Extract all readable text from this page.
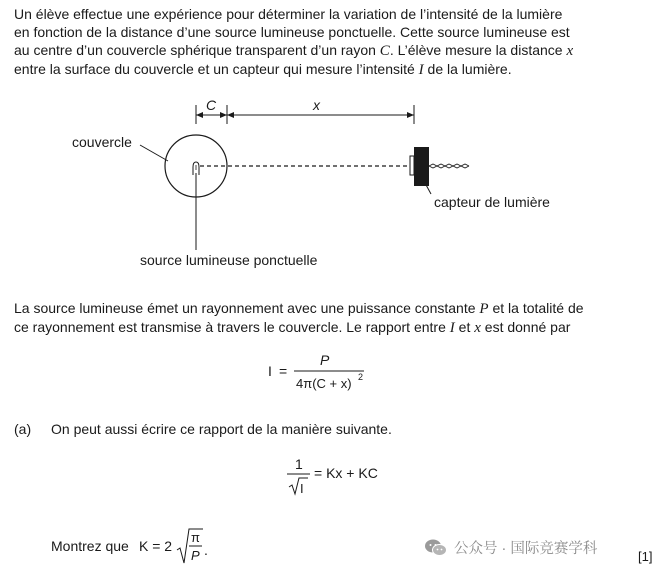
Un élève effectue une expérience pour déterminer la variation de l’intensité de la lumière
en fonction de la distance d’une source lumineuse ponctuelle. Cette source lumineuse est
au centre d’un couvercle sphérique transparent d’un rayon C. L’élève mesure la distance x
entre la surface du couvercle et un capteur qui mesure l’intensité I de la lumière.

C	x
couvercle
capteur de lumière
source lumineuse ponctuelle

La source lumineuse émet un rayonnement avec une puissance constante P et la totalité de
ce rayonnement est transmise à travers le couvercle. Le rapport entre I et x est donné par

I =
P
4π(C + x) 2
(a) On peut aussi écrire ce rapport de la manière suivante.
1
I
= Kx + KC
Montrez que K = 2
π
P .	公众号 · 国际竞赛学科	[1]
